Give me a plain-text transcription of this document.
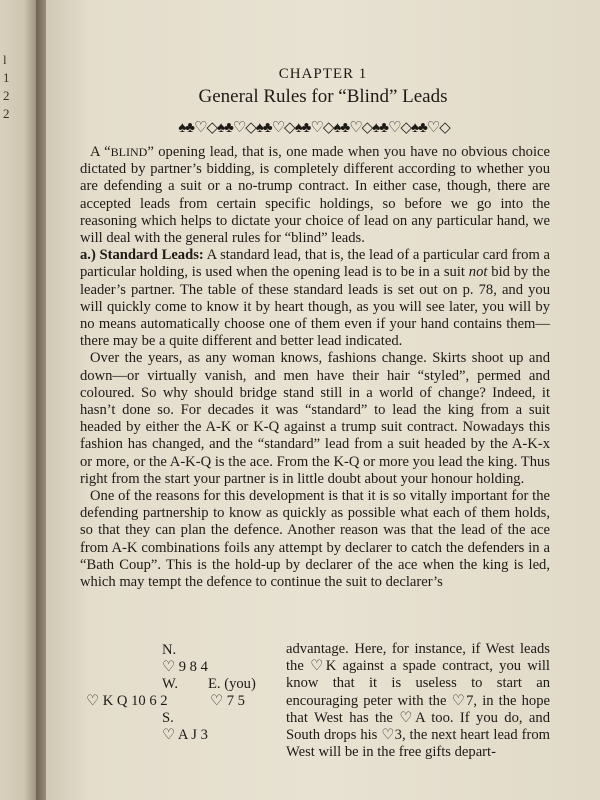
l
1
2
2
CHAPTER 1
General Rules for “Blind” Leads
♠♣♡◇♠♣♡◇♠♣♡◇♠♣♡◇♠♣♡◇♠♣♡◇♠♣♡◇

A “BLIND” opening lead, that is, one made when you have no obvious choice dictated by partner’s bidding, is completely different according to whether you are defending a suit or a no-trump contract. In either case, though, there are accepted leads from certain specific holdings, so before we go into the reasoning which helps to dictate your choice of lead on any particular hand, we will deal with the general rules for “blind” leads.

a.) Standard Leads: A standard lead, that is, the lead of a particular card from a particular holding, is used when the opening lead is to be in a suit not bid by the leader’s partner. The table of these standard leads is set out on p. 78, and you will quickly come to know it by heart though, as you will see later, you will by no means automatically choose one of them even if your hand contains them—there may be a quite different and better lead indicated.

Over the years, as any woman knows, fashions change. Skirts shoot up and down—or virtually vanish, and men have their hair “styled”, permed and coloured. So why should bridge stand still in a world of change? Indeed, it hasn’t done so. For decades it was “standard” to lead the king from a suit headed by either the A-K or K-Q against a trump suit contract. Nowadays this fashion has changed, and the “standard” lead from a suit headed by the A-K-x or more, or the A-K-Q is the ace. From the K-Q or more you lead the king. Thus right from the start your partner is in little doubt about your honour holding.

One of the reasons for this development is that it is so vitally important for the defending partnership to know as quickly as possible what each of them holds, so that they can plan the defence. Another reason was that the lead of the ace from A-K combinations foils any attempt by declarer to catch the defenders in a “Bath Coup”. This is the hold-up by declarer of the ace when the king is led, which may tempt the defence to continue the suit to declarer’s

N.
♡ 9 8 4
W. E. (you)
♡ K Q 10 6 2	♡ 7 5
S.
♡ A J 3

advantage. Here, for instance, if West leads the ♡K against a spade contract, you will know that it is useless to start an encouraging peter with the ♡7, in the hope that West has the ♡A too. If you do, and South drops his ♡3, the next heart lead from West will be in the free gifts depart-
